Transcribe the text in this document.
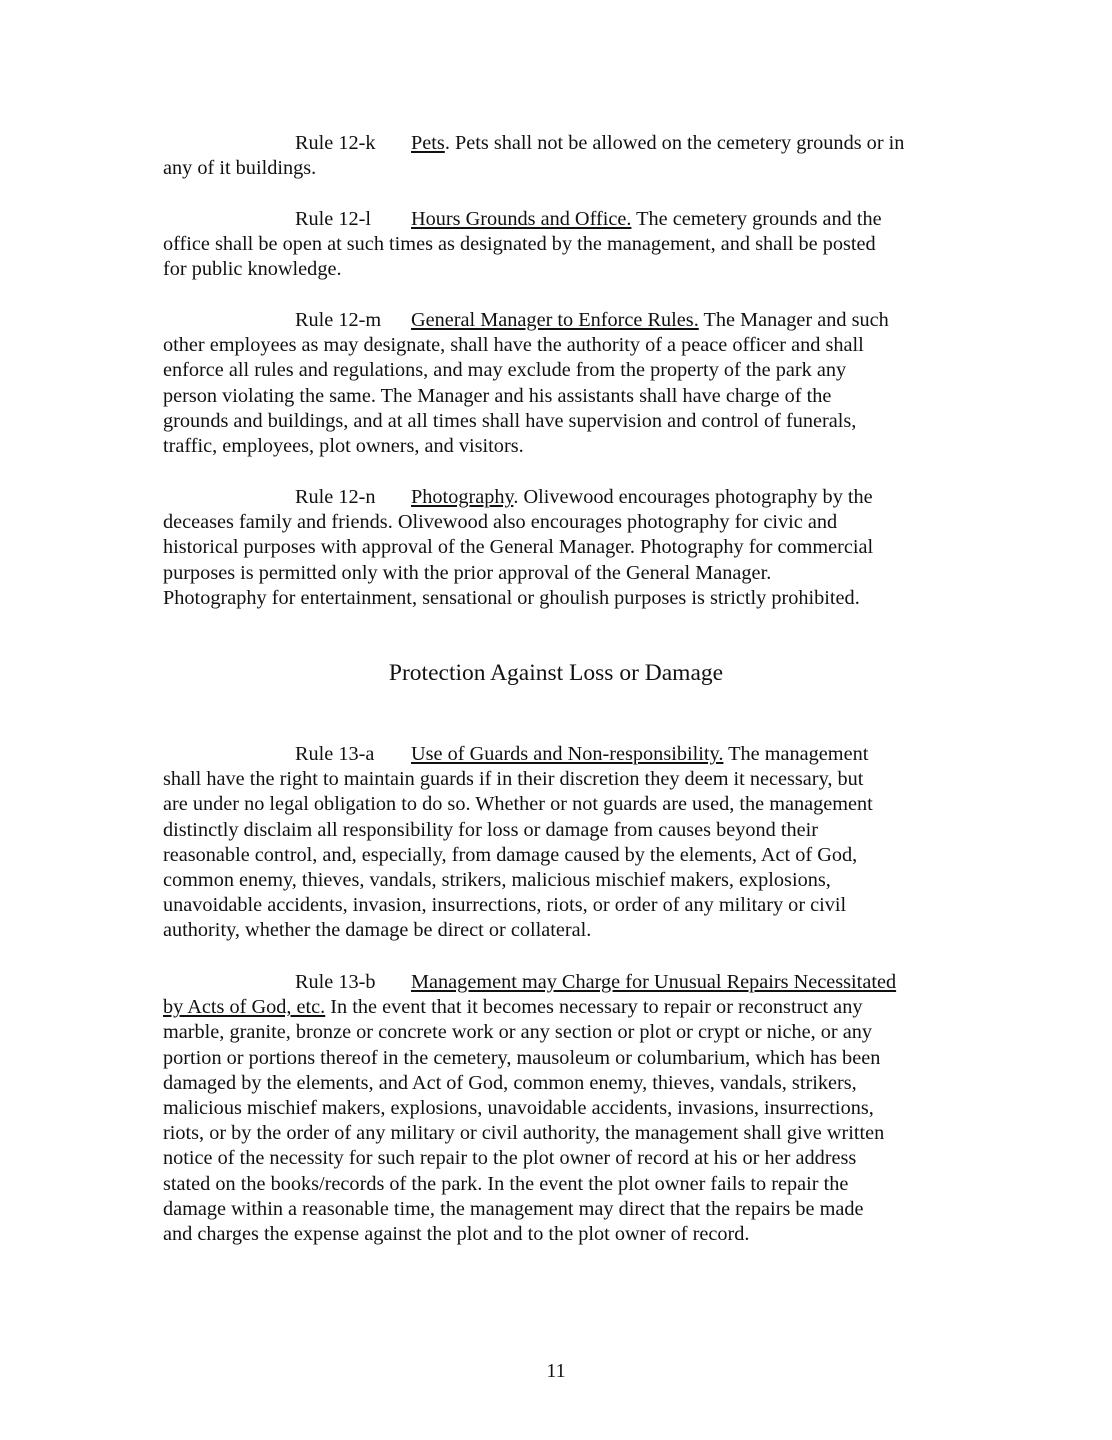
Rule 12-k Pets. Pets shall not be allowed on the cemetery grounds or in
any of it buildings.
Rule 12-l Hours Grounds and Office. The cemetery grounds and the
office shall be open at such times as designated by the management, and shall be posted
for public knowledge.
Rule 12-m General Manager to Enforce Rules. The Manager and such
other employees as may designate, shall have the authority of a peace officer and shall
enforce all rules and regulations, and may exclude from the property of the park any
person violating the same. The Manager and his assistants shall have charge of the
grounds and buildings, and at all times shall have supervision and control of funerals,
traffic, employees, plot owners, and visitors.
Rule 12-n Photography. Olivewood encourages photography by the
deceases family and friends. Olivewood also encourages photography for civic and
historical purposes with approval of the General Manager. Photography for commercial
purposes is permitted only with the prior approval of the General Manager.
Photography for entertainment, sensational or ghoulish purposes is strictly prohibited.
Rule 13-a Use of Guards and Non-responsibility. The management
shall have the right to maintain guards if in their discretion they deem it necessary, but
are under no legal obligation to do so. Whether or not guards are used, the management
distinctly disclaim all responsibility for loss or damage from causes beyond their
reasonable control, and, especially, from damage caused by the elements, Act of God,
common enemy, thieves, vandals, strikers, malicious mischief makers, explosions,
unavoidable accidents, invasion, insurrections, riots, or order of any military or civil
authority, whether the damage be direct or collateral.
Rule 13-b Management may Charge for Unusual Repairs Necessitated
by Acts of God, etc. In the event that it becomes necessary to repair or reconstruct any
marble, granite, bronze or concrete work or any section or plot or crypt or niche, or any
portion or portions thereof in the cemetery, mausoleum or columbarium, which has been
damaged by the elements, and Act of God, common enemy, thieves, vandals, strikers,
malicious mischief makers, explosions, unavoidable accidents, invasions, insurrections,
riots, or by the order of any military or civil authority, the management shall give written
notice of the necessity for such repair to the plot owner of record at his or her address
stated on the books/records of the park. In the event the plot owner fails to repair the
damage within a reasonable time, the management may direct that the repairs be made
and charges the expense against the plot and to the plot owner of record.
Protection Against Loss or Damage
11
